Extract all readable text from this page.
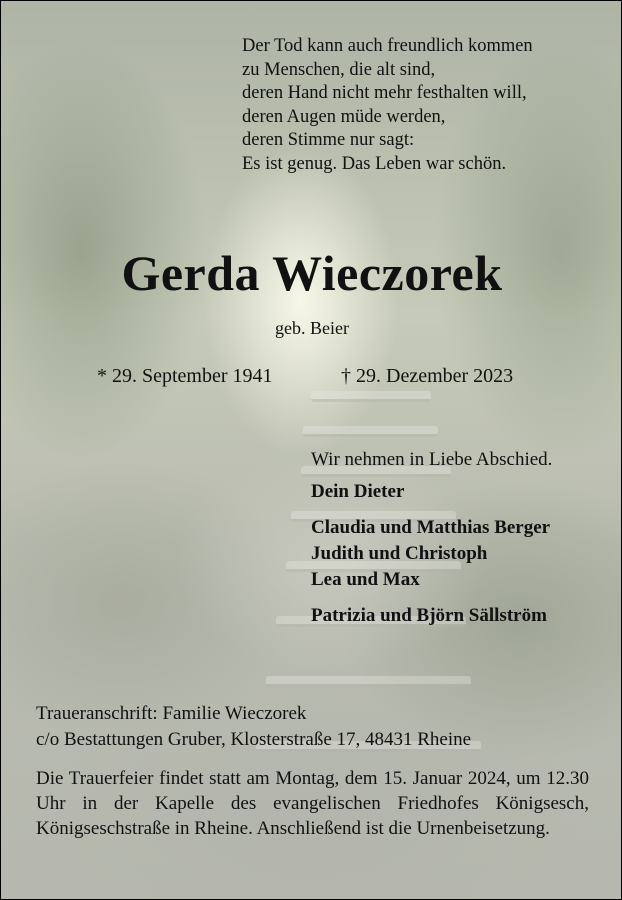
Der Tod kann auch freundlich kommen
zu Menschen, die alt sind,
deren Hand nicht mehr festhalten will,
deren Augen müde werden,
deren Stimme nur sagt:
Es ist genug. Das Leben war schön.
Gerda Wieczorek
geb. Beier
* 29. September 1941	† 29. Dezember 2023
Wir nehmen in Liebe Abschied.
Dein Dieter
Claudia und Matthias Berger
Judith und Christoph
Lea und Max
Patrizia und Björn Sällström
Traueranschrift: Familie Wieczorek
c/o Bestattungen Gruber, Klosterstraße 17, 48431 Rheine
Die Trauerfeier findet statt am Montag, dem 15. Januar 2024, um 12.30 Uhr in der Kapelle des evangelischen Friedhofes Königsesch, Königseschstraße in Rheine. Anschließend ist die Urnenbeisetzung.
